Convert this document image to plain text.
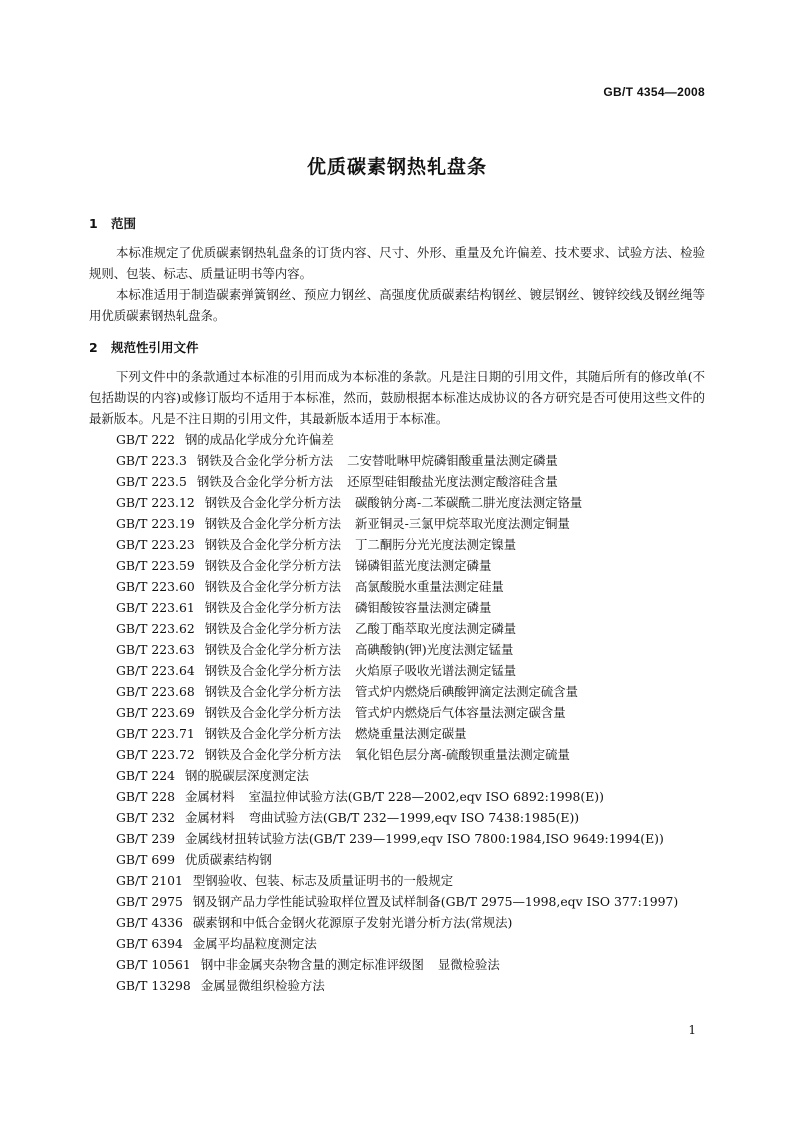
GB/T 4354—2008
优质碳素钢热轧盘条
1 范围

本标准规定了优质碳素钢热轧盘条的订货内容、尺寸、外形、重量及允许偏差、技术要求、试验方法、检验规则、包装、标志、质量证明书等内容。

本标准适用于制造碳素弹簧钢丝、预应力钢丝、高强度优质碳素结构钢丝、镀层钢丝、镀锌绞线及钢丝绳等用优质碳素钢热轧盘条。

2 规范性引用文件

下列文件中的条款通过本标准的引用而成为本标准的条款。凡是注日期的引用文件，其随后所有的修改单(不包括勘误的内容)或修订版均不适用于本标准，然而，鼓励根据本标准达成协议的各方研究是否可使用这些文件的最新版本。凡是不注日期的引用文件，其最新版本适用于本标准。

GB/T 222 钢的成品化学成分允许偏差
GB/T 223.3 钢铁及合金化学分析方法 二安替吡啉甲烷磷钼酸重量法测定磷量
GB/T 223.5 钢铁及合金化学分析方法 还原型硅钼酸盐光度法测定酸溶硅含量
GB/T 223.12 钢铁及合金化学分析方法 碳酸钠分离-二苯碳酰二肼光度法测定铬量
GB/T 223.19 钢铁及合金化学分析方法 新亚铜灵-三氯甲烷萃取光度法测定铜量
GB/T 223.23 钢铁及合金化学分析方法 丁二酮肟分光光度法测定镍量
GB/T 223.59 钢铁及合金化学分析方法 锑磷钼蓝光度法测定磷量
GB/T 223.60 钢铁及合金化学分析方法 高氯酸脱水重量法测定硅量
GB/T 223.61 钢铁及合金化学分析方法 磷钼酸铵容量法测定磷量
GB/T 223.62 钢铁及合金化学分析方法 乙酸丁酯萃取光度法测定磷量
GB/T 223.63 钢铁及合金化学分析方法 高碘酸钠(钾)光度法测定锰量
GB/T 223.64 钢铁及合金化学分析方法 火焰原子吸收光谱法测定锰量
GB/T 223.68 钢铁及合金化学分析方法 管式炉内燃烧后碘酸钾滴定法测定硫含量
GB/T 223.69 钢铁及合金化学分析方法 管式炉内燃烧后气体容量法测定碳含量
GB/T 223.71 钢铁及合金化学分析方法 燃烧重量法测定碳量
GB/T 223.72 钢铁及合金化学分析方法 氧化铝色层分离-硫酸钡重量法测定硫量
GB/T 224 钢的脱碳层深度测定法
GB/T 228 金属材料 室温拉伸试验方法(GB/T 228—2002,eqv ISO 6892:1998(E))
GB/T 232 金属材料 弯曲试验方法(GB/T 232—1999,eqv ISO 7438:1985(E))
GB/T 239 金属线材扭转试验方法(GB/T 239—1999,eqv ISO 7800:1984,ISO 9649:1994(E))
GB/T 699 优质碳素结构钢
GB/T 2101 型钢验收、包装、标志及质量证明书的一般规定
GB/T 2975 钢及钢产品力学性能试验取样位置及试样制备(GB/T 2975—1998,eqv ISO 377:1997)
GB/T 4336 碳素钢和中低合金钢火花源原子发射光谱分析方法(常规法)
GB/T 6394 金属平均晶粒度测定法
GB/T 10561 钢中非金属夹杂物含量的测定标准评级图 显微检验法
GB/T 13298 金属显微组织检验方法
1
